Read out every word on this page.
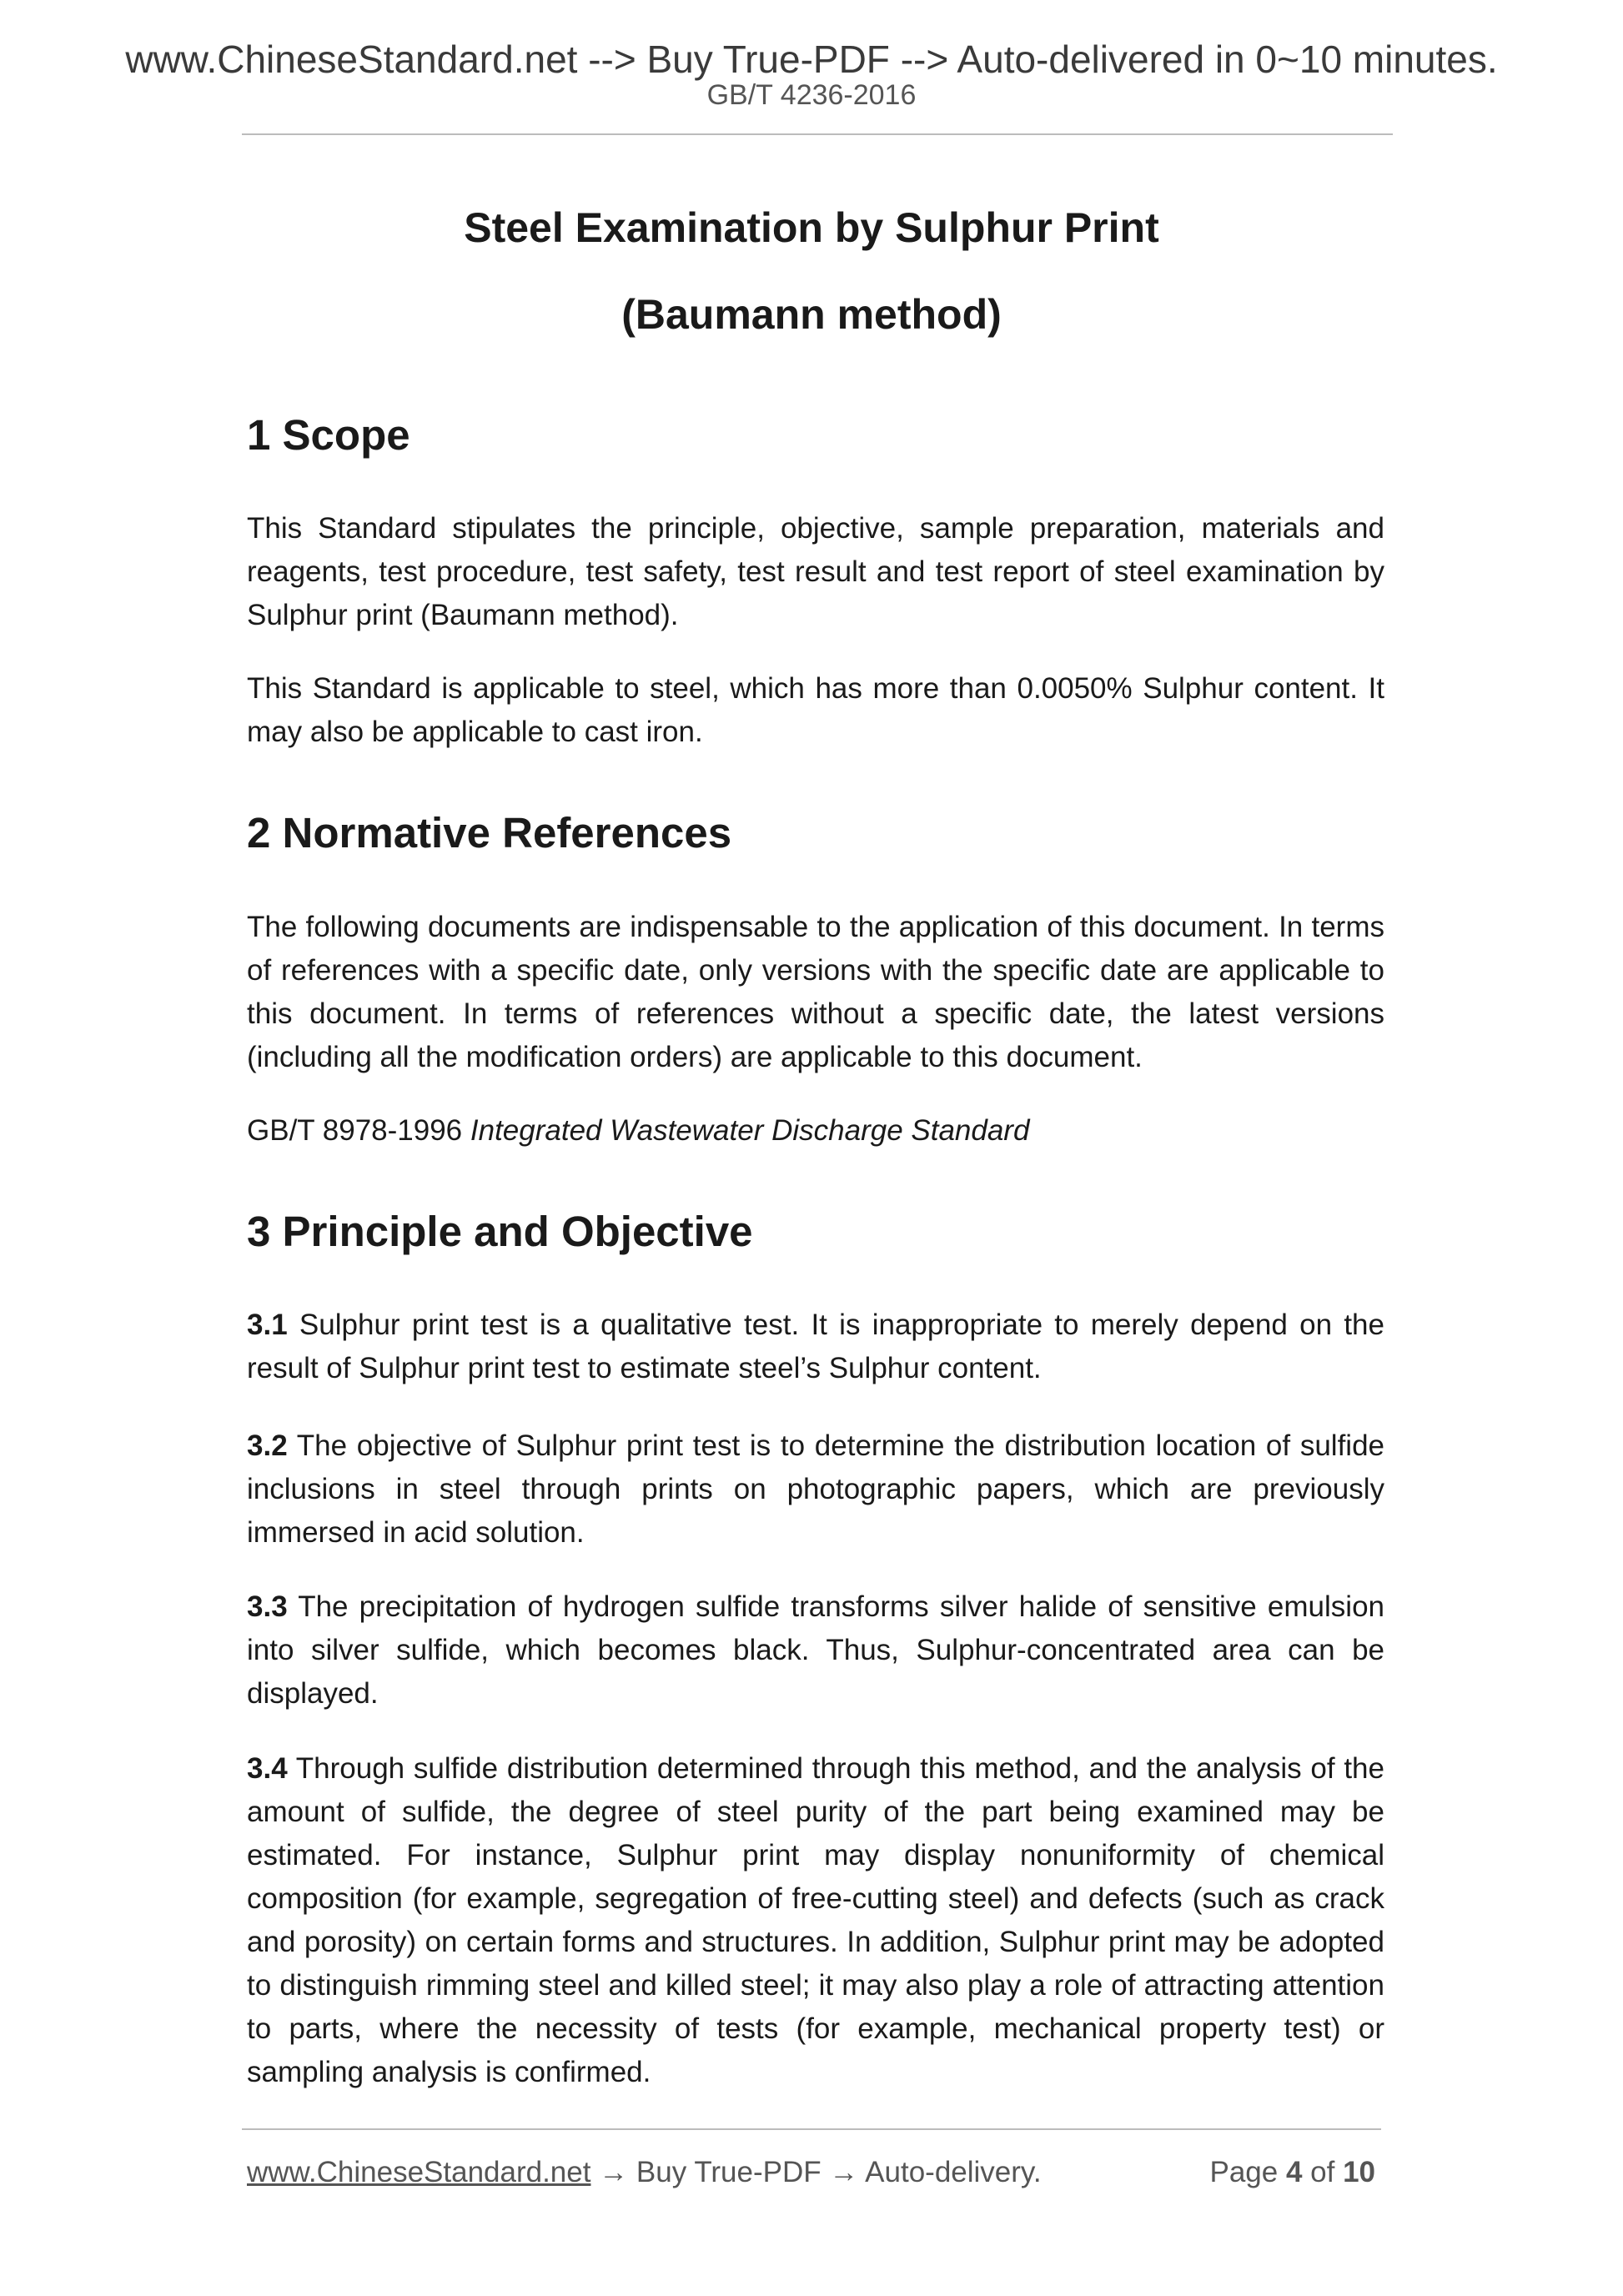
www.ChineseStandard.net --> Buy True-PDF --> Auto-delivered in 0~10 minutes.
GB/T 4236-2016
Steel Examination by Sulphur Print
(Baumann method)
1 Scope

This Standard stipulates the principle, objective, sample preparation, materials and reagents, test procedure, test safety, test result and test report of steel examination by Sulphur print (Baumann method).

This Standard is applicable to steel, which has more than 0.0050% Sulphur content. It may also be applicable to cast iron.

2 Normative References

The following documents are indispensable to the application of this document. In terms of references with a specific date, only versions with the specific date are applicable to this document. In terms of references without a specific date, the latest versions (including all the modification orders) are applicable to this document.

GB/T 8978-1996 Integrated Wastewater Discharge Standard

3 Principle and Objective

3.1 Sulphur print test is a qualitative test. It is inappropriate to merely depend on the result of Sulphur print test to estimate steel’s Sulphur content.

3.2 The objective of Sulphur print test is to determine the distribution location of sulfide inclusions in steel through prints on photographic papers, which are previously immersed in acid solution.

3.3 The precipitation of hydrogen sulfide transforms silver halide of sensitive emulsion into silver sulfide, which becomes black. Thus, Sulphur-concentrated area can be displayed.

3.4 Through sulfide distribution determined through this method, and the analysis of the amount of sulfide, the degree of steel purity of the part being examined may be estimated. For instance, Sulphur print may display nonuniformity of chemical composition (for example, segregation of free-cutting steel) and defects (such as crack and porosity) on certain forms and structures. In addition, Sulphur print may be adopted to distinguish rimming steel and killed steel; it may also play a role of attracting attention to parts, where the necessity of tests (for example, mechanical property test) or sampling analysis is confirmed.

www.ChineseStandard.net → Buy True-PDF → Auto-delivery.	Page 4 of 10
